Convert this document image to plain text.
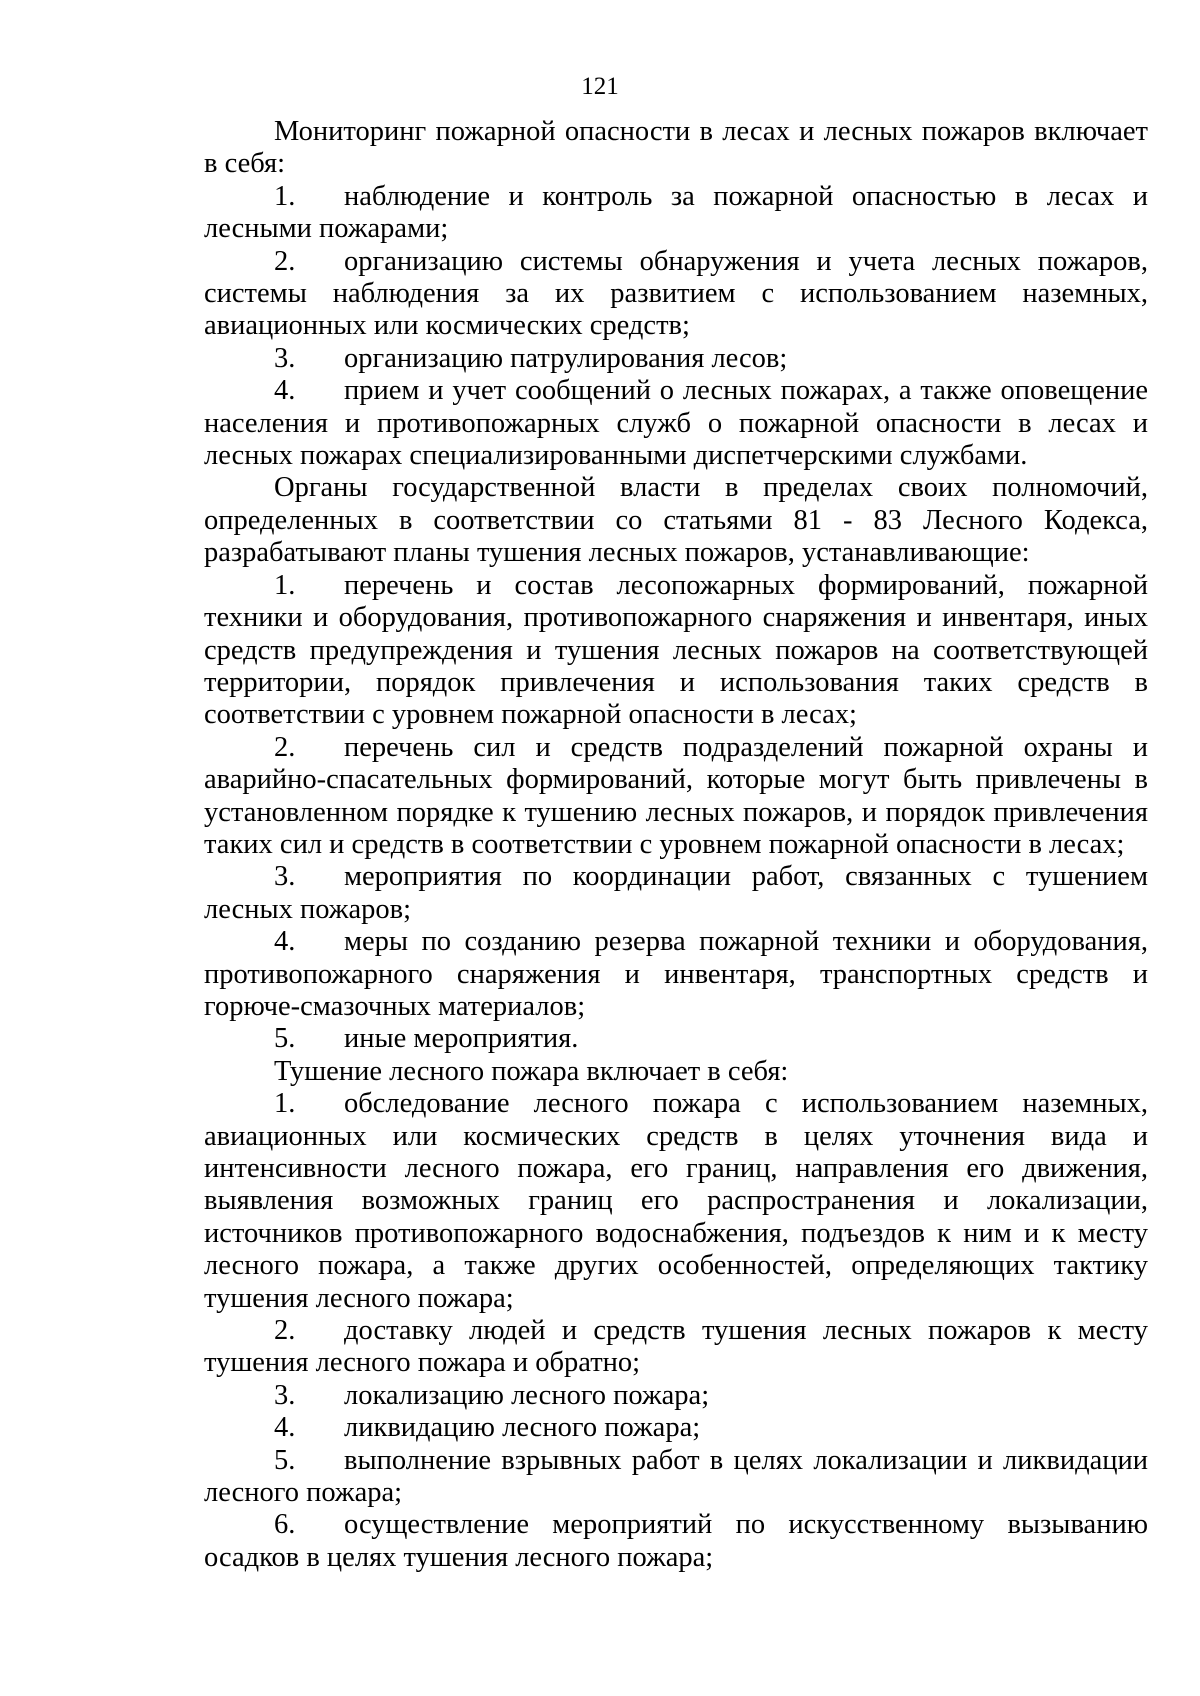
121

Мониторинг пожарной опасности в лесах и лесных пожаров включает в себя:

1. наблюдение и контроль за пожарной опасностью в лесах и лесными пожарами;

2. организацию системы обнаружения и учета лесных пожаров, системы наблюдения за их развитием с использованием наземных, авиационных или космических средств;

3. организацию патрулирования лесов;

4. прием и учет сообщений о лесных пожарах, а также оповещение населения и противопожарных служб о пожарной опасности в лесах и лесных пожарах специализированными диспетчерскими службами.

Органы государственной власти в пределах своих полномочий, определенных в соответствии со статьями 81 - 83 Лесного Кодекса, разрабатывают планы тушения лесных пожаров, устанавливающие:

1. перечень и состав лесопожарных формирований, пожарной техники и оборудования, противопожарного снаряжения и инвентаря, иных средств предупреждения и тушения лесных пожаров на соответствующей территории, порядок привлечения и использования таких средств в соответствии с уровнем пожарной опасности в лесах;

2. перечень сил и средств подразделений пожарной охраны и аварийно-спасательных формирований, которые могут быть привлечены в установленном порядке к тушению лесных пожаров, и порядок привлечения таких сил и средств в соответствии с уровнем пожарной опасности в лесах;

3. мероприятия по координации работ, связанных с тушением лесных пожаров;

4. меры по созданию резерва пожарной техники и оборудования, противопожарного снаряжения и инвентаря, транспортных средств и горюче-смазочных материалов;

5. иные мероприятия.

Тушение лесного пожара включает в себя:

1. обследование лесного пожара с использованием наземных, авиационных или космических средств в целях уточнения вида и интенсивности лесного пожара, его границ, направления его движения, выявления возможных границ его распространения и локализации, источников противопожарного водоснабжения, подъездов к ним и к месту лесного пожара, а также других особенностей, определяющих тактику тушения лесного пожара;

2. доставку людей и средств тушения лесных пожаров к месту тушения лесного пожара и обратно;

3. локализацию лесного пожара;

4. ликвидацию лесного пожара;

5. выполнение взрывных работ в целях локализации и ликвидации лесного пожара;

6. осуществление мероприятий по искусственному вызыванию осадков в целях тушения лесного пожара;
